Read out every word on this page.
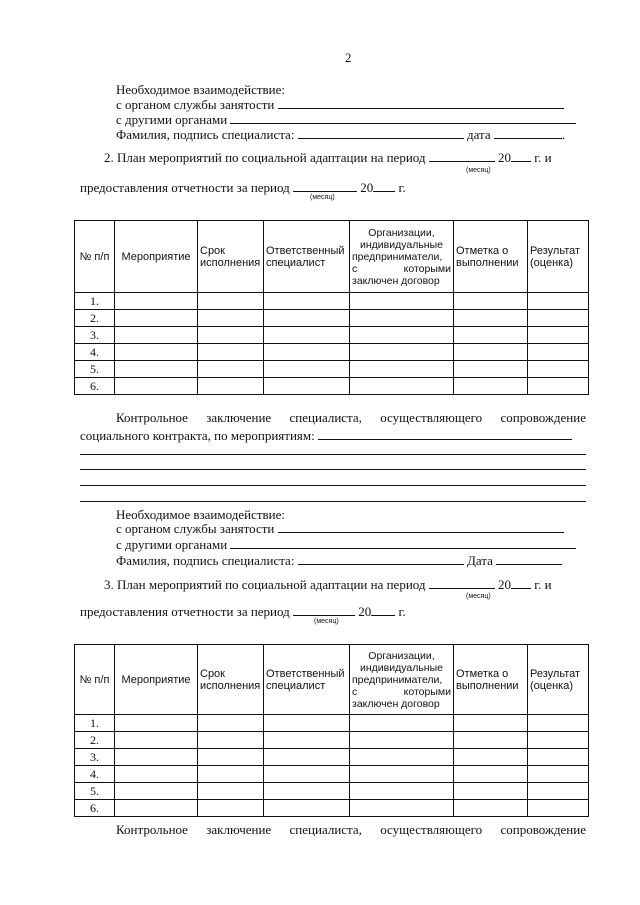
2
Необходимое взаимодействие:
с органом службы занятости
с другими органами
Фамилия, подпись специалиста:	дата	.
2. План мероприятий по социальной адаптации на период	20 г. и
(месяц)
предоставления отчетности за период	20 г.
(месяц)
№ п/п	Мероприятие	Срок исполнения	Ответственный специалист	Организации,
индивидуальные
предприниматели,
с которыми
заключен договор	Отметка о выполнении	Результат (оценка)
1.						
2.						
3.						
4.						
5.						
6.						
Контрольное заключение специалиста, осуществляющего сопровождение
социального контракта, по мероприятиям:
Необходимое взаимодействие:
с органом службы занятости
с другими органами
Фамилия, подпись специалиста:	Дата
3. План мероприятий по социальной адаптации на период	20 г. и
(месяц)
предоставления отчетности за период	20 г.
(месяц)
№ п/п	Мероприятие	Срок исполнения	Ответственный специалист	Организации,
индивидуальные
предприниматели,
с которыми
заключен договор	Отметка о выполнении	Результат (оценка)
1.						
2.						
3.						
4.						
5.						
6.						
Контрольное заключение специалиста, осуществляющего сопровождение
